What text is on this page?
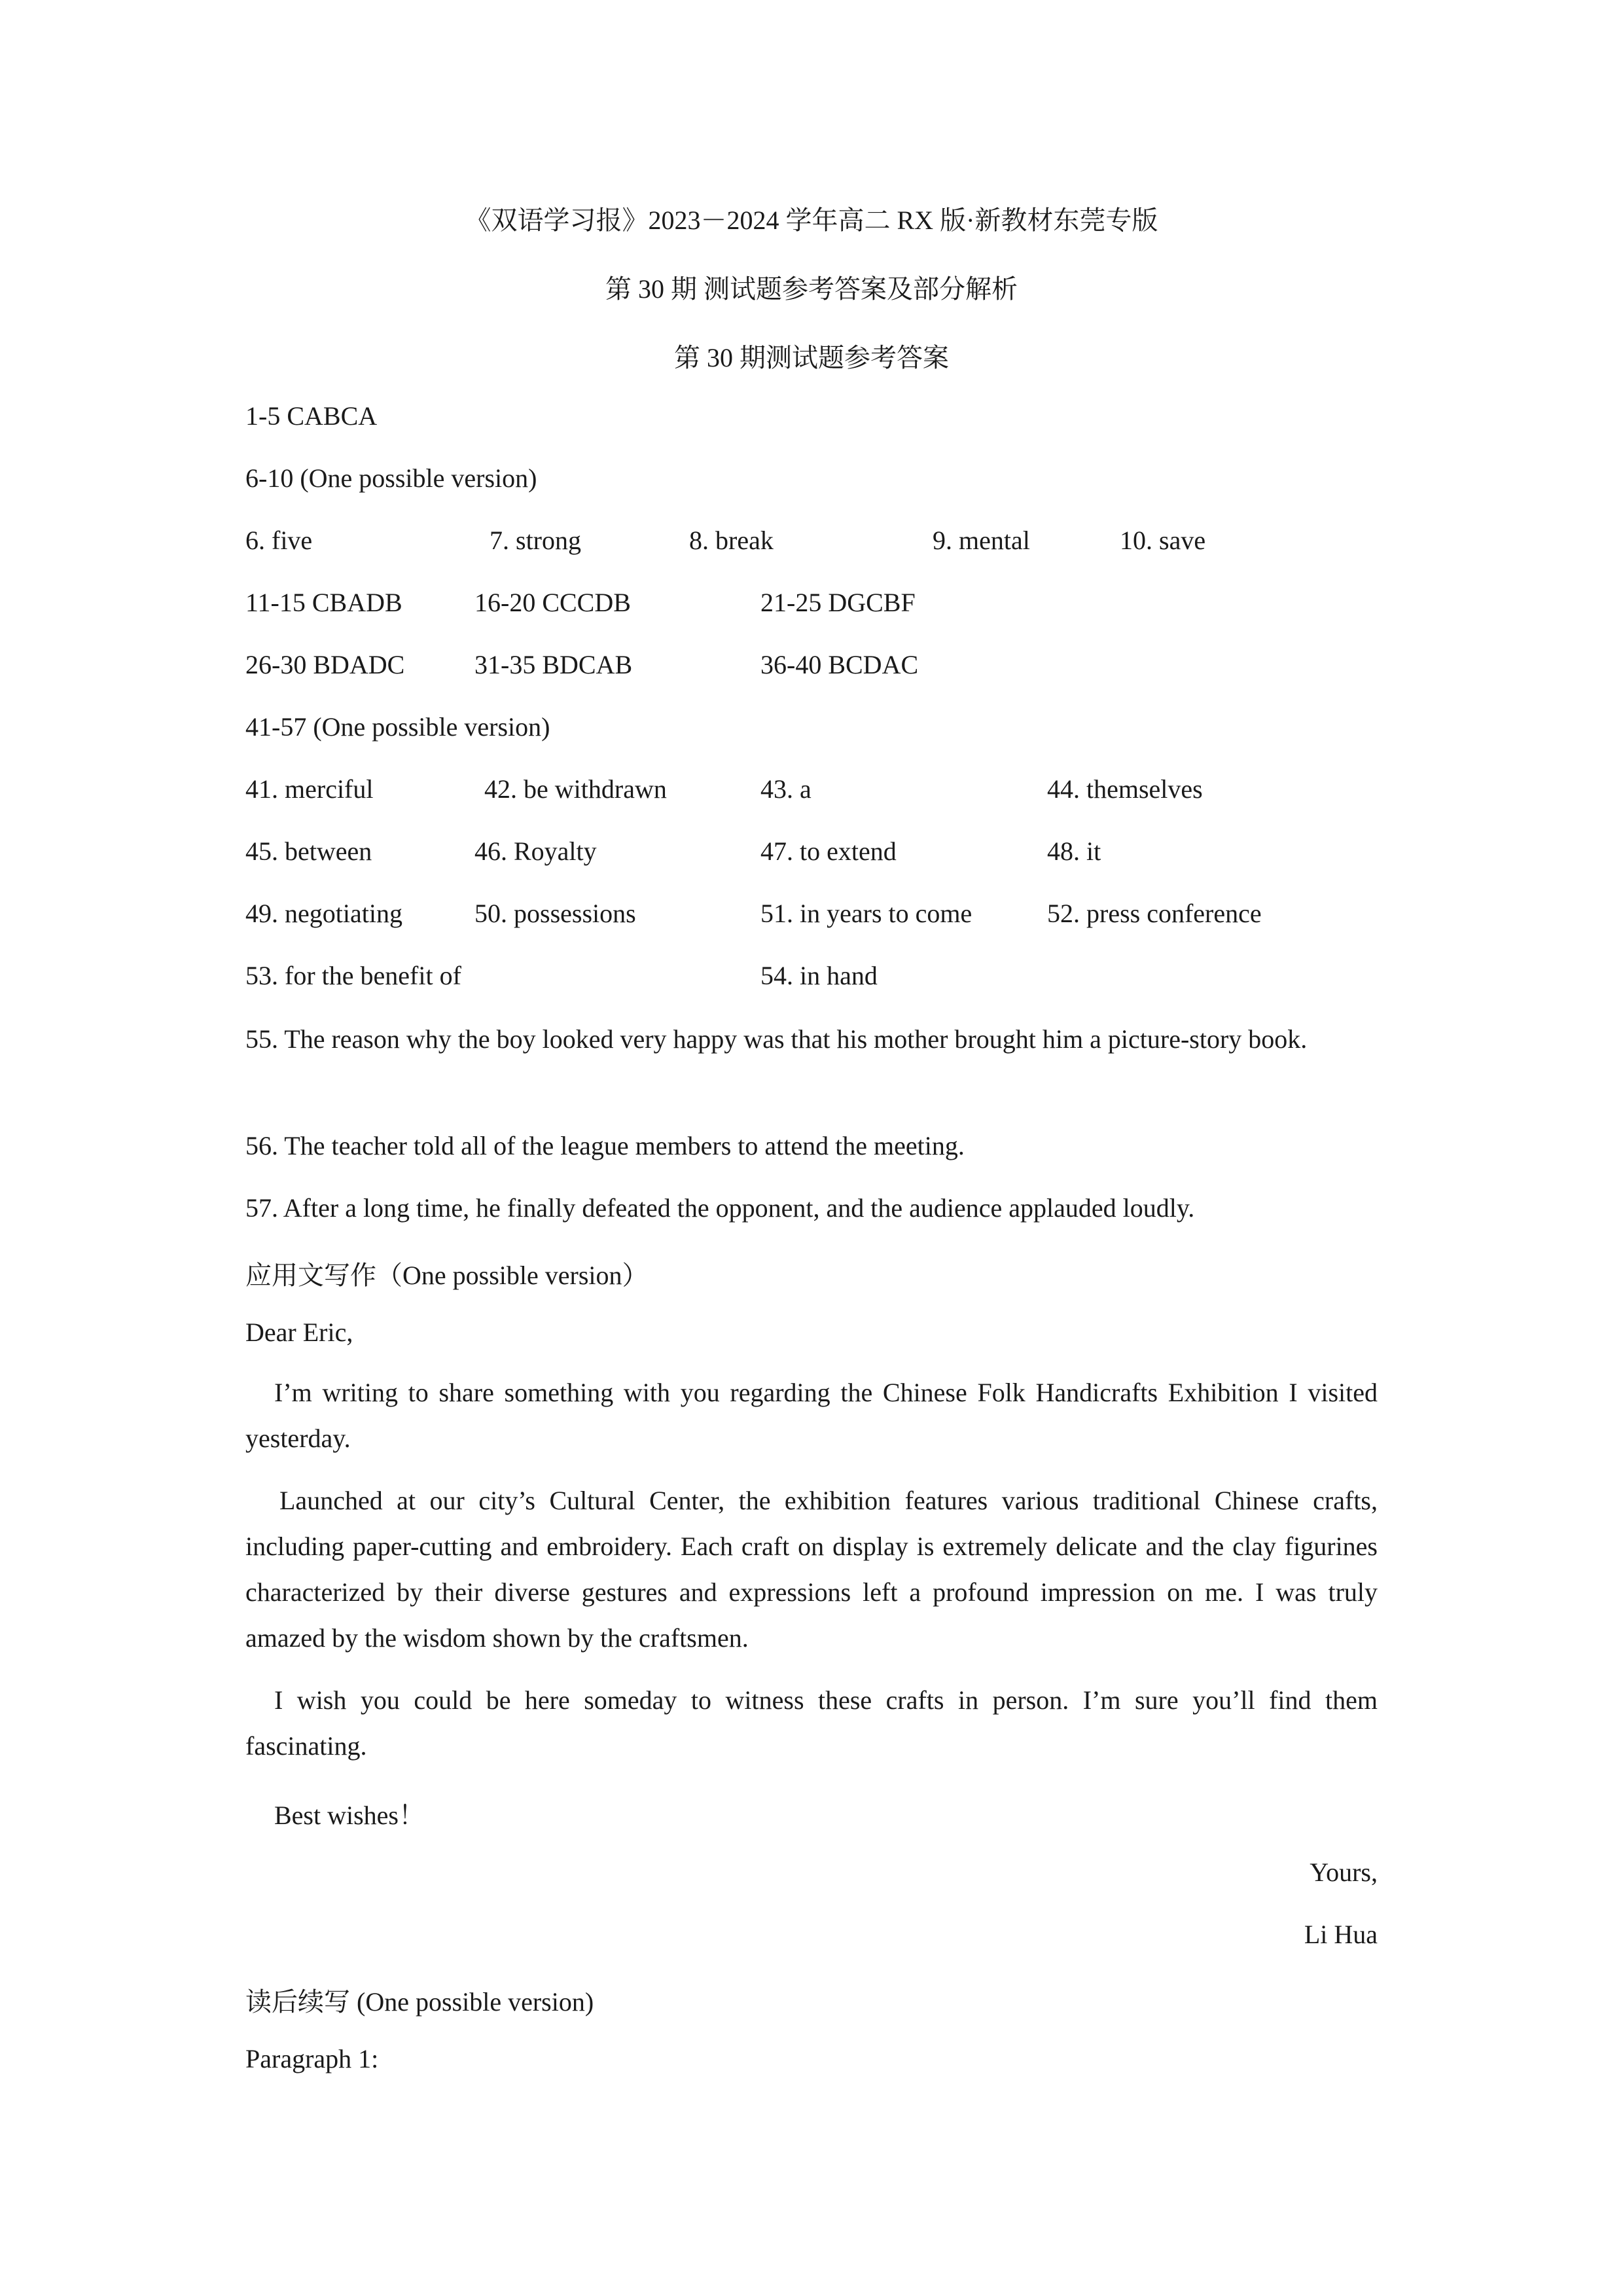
《双语学习报》2023－2024 学年高二 RX 版·新教材东莞专版
第 30 期 测试题参考答案及部分解析
第 30 期测试题参考答案
1-5 CABCA
6-10 (One possible version)
6. five	7. strong	8. break	9. mental	10. save
11-15 CBADB	16-20 CCCDB	21-25 DGCBF
26-30 BDADC	31-35 BDCAB	36-40 BCDAC
41-57 (One possible version)
41. merciful	42. be withdrawn	43. a	44. themselves
45. between	46. Royalty	47. to extend	48. it
49. negotiating	50. possessions	51. in years to come	52. press conference
53. for the benefit of	54. in hand
55. The reason why the boy looked very happy was that his mother brought him a picture-story book.
56. The teacher told all of the league members to attend the meeting.
57. After a long time, he finally defeated the opponent, and the audience applauded loudly.
应用文写作（One possible version）
Dear Eric,
I’m writing to share something with you regarding the Chinese Folk Handicrafts Exhibition I visited yesterday.
Launched at our city’s Cultural Center, the exhibition features various traditional Chinese crafts, including paper-cutting and embroidery. Each craft on display is extremely delicate and the clay figurines characterized by their diverse gestures and expressions left a profound impression on me. I was truly amazed by the wisdom shown by the craftsmen.
I wish you could be here someday to witness these crafts in person. I’m sure you’ll find them fascinating.
Best wishes！
Yours,
Li Hua
读后续写 (One possible version)
Paragraph 1:
